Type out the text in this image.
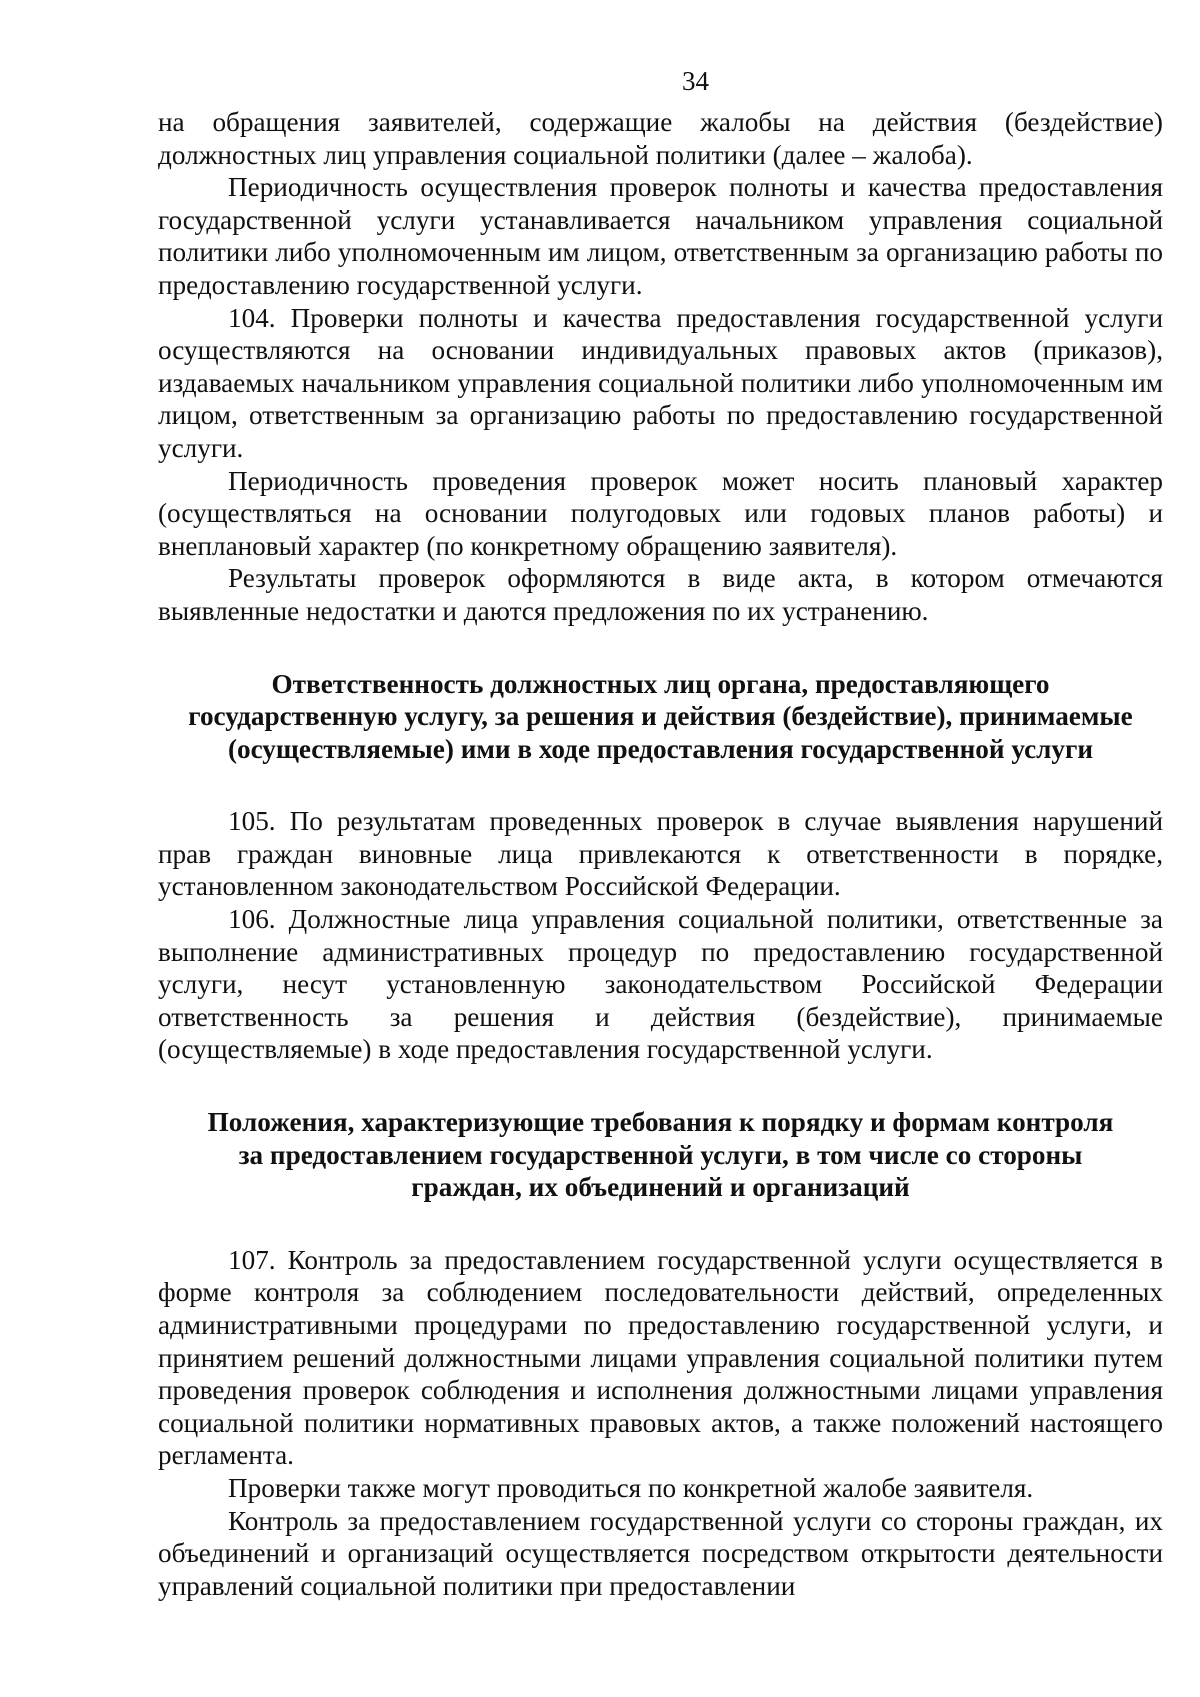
34

на обращения заявителей, содержащие жалобы на действия (бездействие) должностных лиц управления социальной политики (далее – жалоба).

Периодичность осуществления проверок полноты и качества предоставления государственной услуги устанавливается начальником управления социальной политики либо уполномоченным им лицом, ответственным за организацию работы по предоставлению государственной услуги.

104. Проверки полноты и качества предоставления государственной услуги осуществляются на основании индивидуальных правовых актов (приказов), издаваемых начальником управления социальной политики либо уполномоченным им лицом, ответственным за организацию работы по предоставлению государственной услуги.

Периодичность проведения проверок может носить плановый характер (осуществляться на основании полугодовых или годовых планов работы) и внеплановый характер (по конкретному обращению заявителя).

Результаты проверок оформляются в виде акта, в котором отмечаются выявленные недостатки и даются предложения по их устранению.

Ответственность должностных лиц органа, предоставляющего
государственную услугу, за решения и действия (бездействие), принимаемые
(осуществляемые) ими в ходе предоставления государственной услуги

105. По результатам проведенных проверок в случае выявления нарушений прав граждан виновные лица привлекаются к ответственности в порядке, установленном законодательством Российской Федерации.

106. Должностные лица управления социальной политики, ответственные за выполнение административных процедур по предоставлению государственной услуги, несут установленную законодательством Российской Федерации ответственность за решения и действия (бездействие), принимаемые (осуществляемые) в ходе предоставления государственной услуги.

Положения, характеризующие требования к порядку и формам контроля
за предоставлением государственной услуги, в том числе со стороны
граждан, их объединений и организаций

107. Контроль за предоставлением государственной услуги осуществляется в форме контроля за соблюдением последовательности действий, определенных административными процедурами по предоставлению государственной услуги, и принятием решений должностными лицами управления социальной политики путем проведения проверок соблюдения и исполнения должностными лицами управления социальной политики нормативных правовых актов, а также положений настоящего регламента.

Проверки также могут проводиться по конкретной жалобе заявителя.

Контроль за предоставлением государственной услуги со стороны граждан, их объединений и организаций осуществляется посредством открытости деятельности управлений социальной политики при предоставлении
